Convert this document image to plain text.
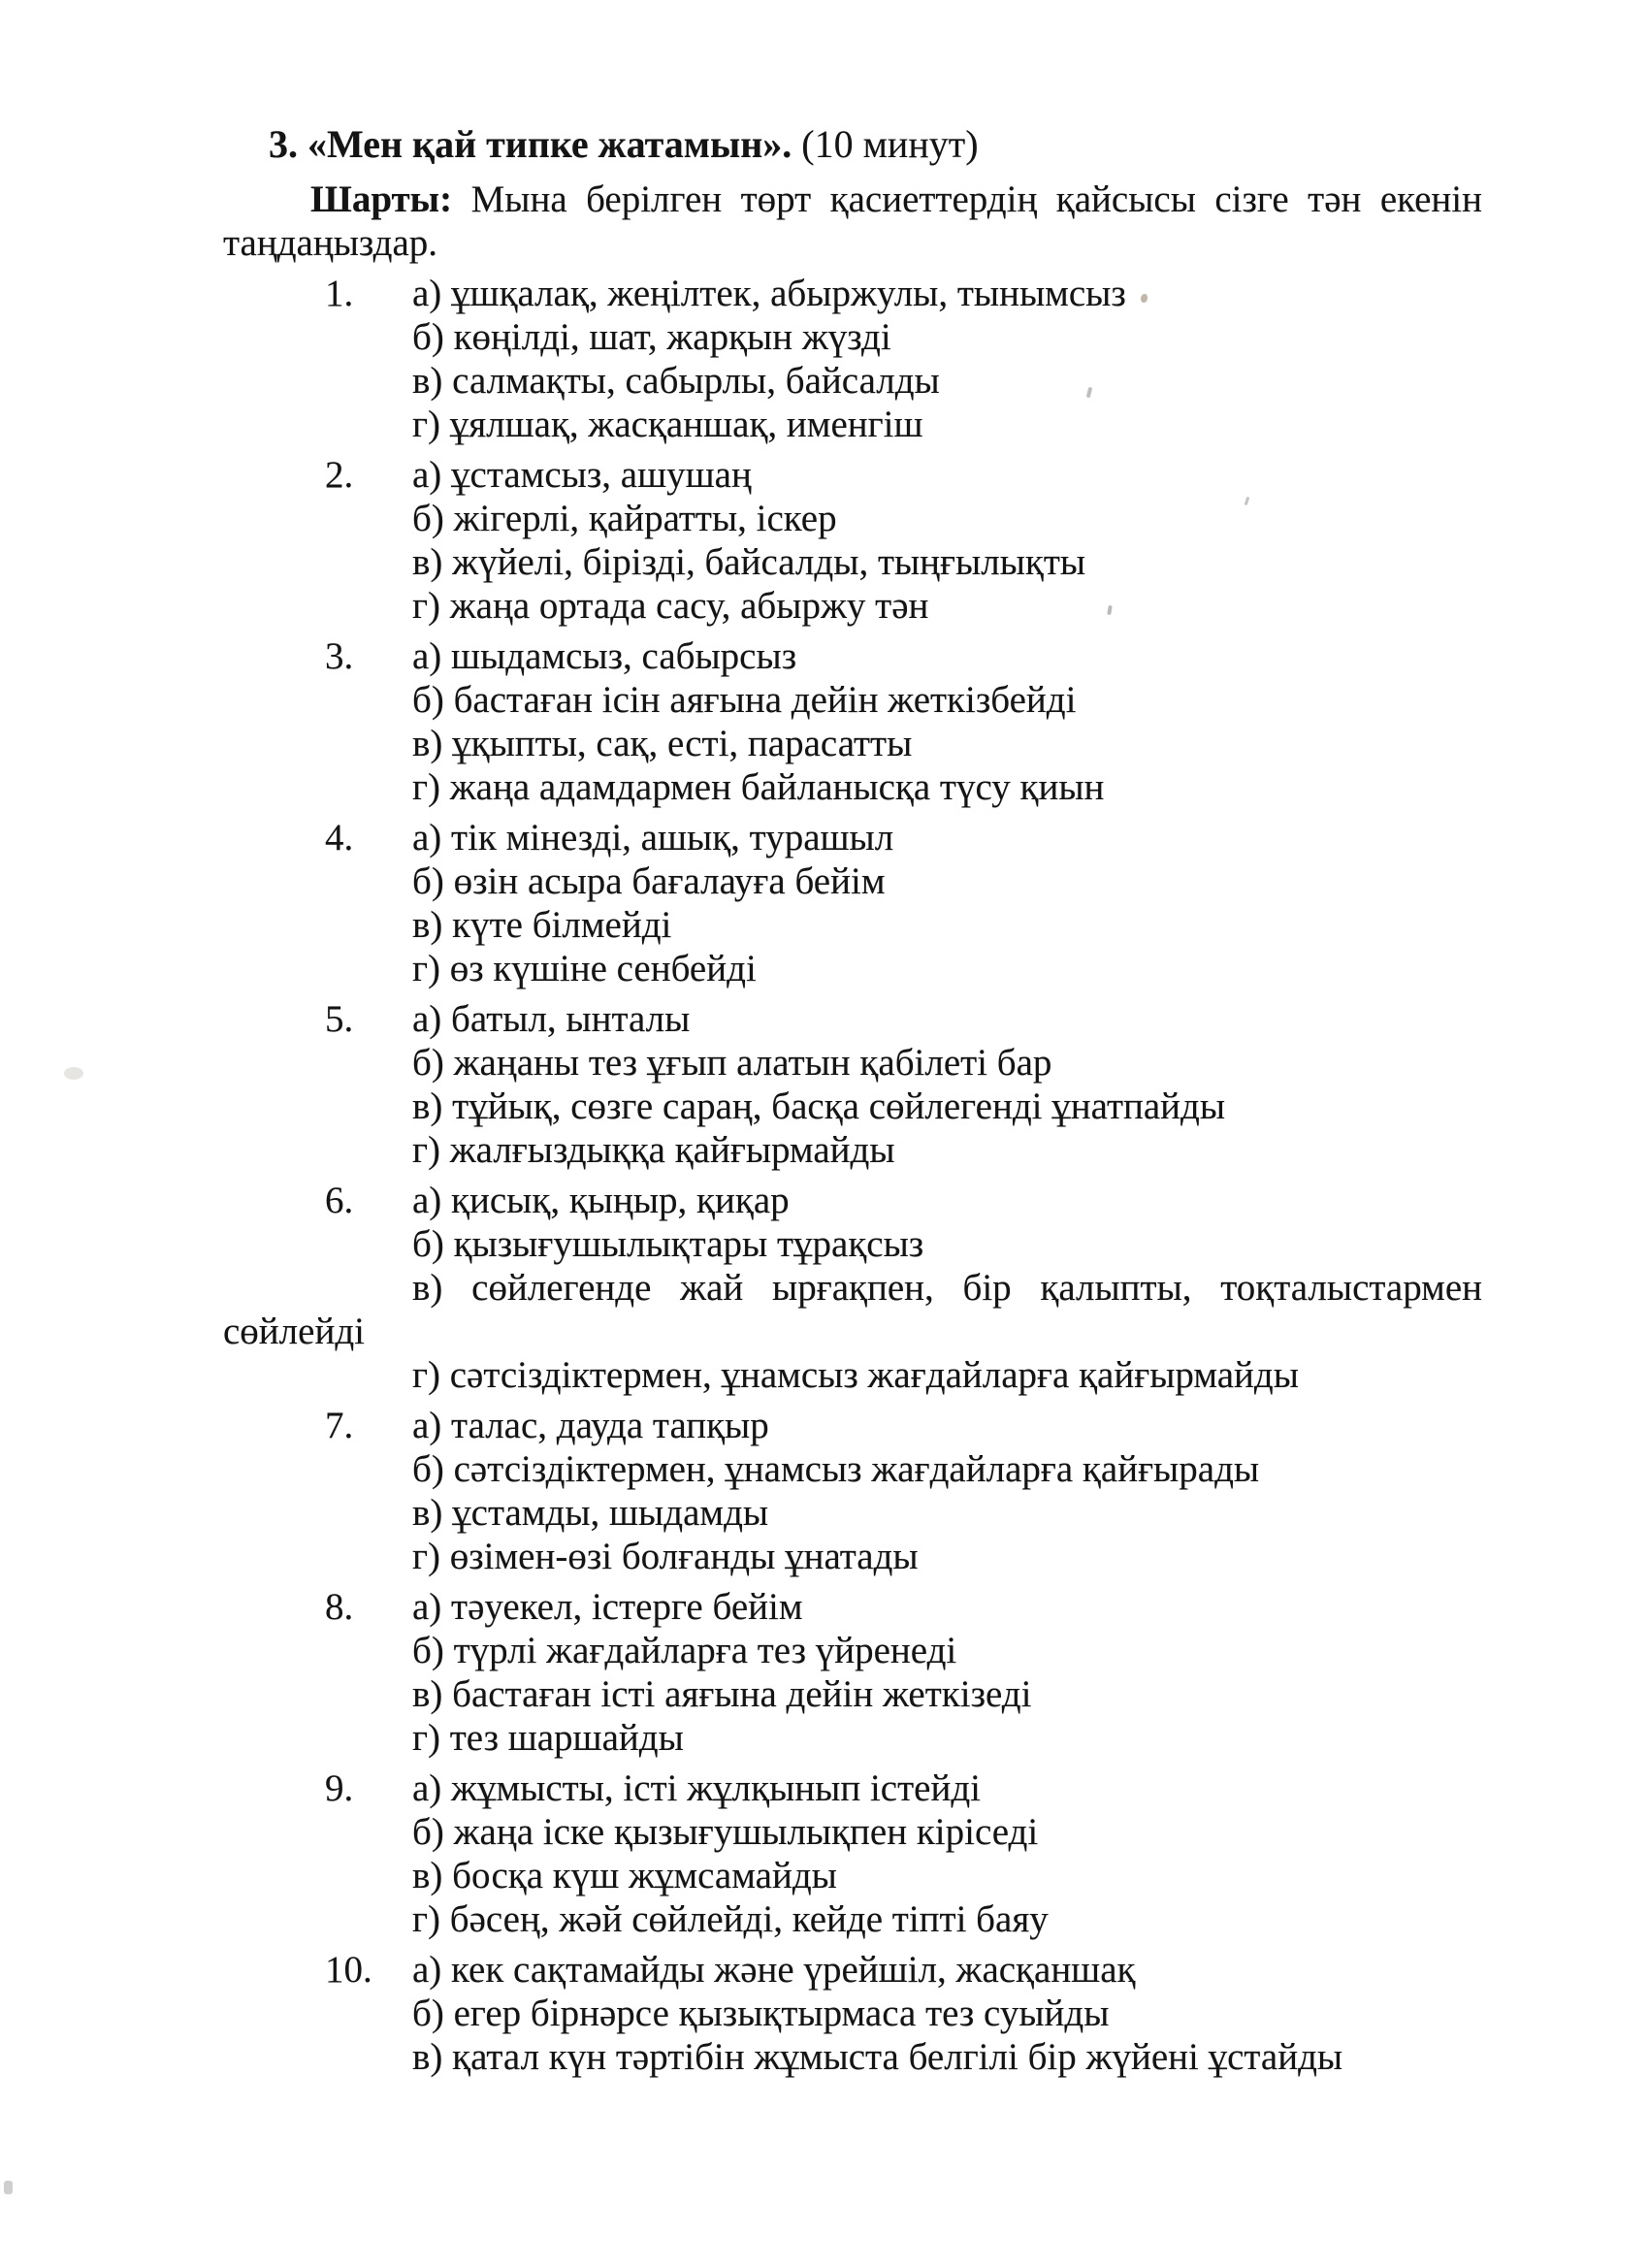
3. «Мен қай типке жатамын». (10 минут)

Шарты: Мына берілген төрт қасиеттердің қайсысы сізге тән екенін таңдаңыздар.

1.	а) ұшқалақ, жеңілтек, абыржулы, тынымсыз
б) көңілді, шат, жарқын жүзді
в) салмақты, сабырлы, байсалды
г) ұялшақ, жасқаншақ, именгіш
2.	а) ұстамсыз, ашушаң
б) жігерлі, қайратты, іскер
в) жүйелі, бірізді, байсалды, тыңғылықты
г) жаңа ортада сасу, абыржу тән
3.	а) шыдамсыз, сабырсыз
б) бастаған ісін аяғына дейін жеткізбейді
в) ұқыпты, сақ, есті, парасатты
г) жаңа адамдармен байланысқа түсу қиын
4.	а) тік мінезді, ашық, турашыл
б) өзін асыра бағалауға бейім
в) күте білмейді
г) өз күшіне сенбейді
5.	а) батыл, ынталы
б) жаңаны тез ұғып алатын қабілеті бар
в) тұйық, сөзге сараң, басқа сөйлегенді ұнатпайды
г) жалғыздыққа қайғырмайды
6.	а) қисық, қыңыр, қиқар
б) қызығушылықтары тұрақсыз
в) сөйлегенде жай ырғақпен, бір қалыпты, тоқталыстармен сөйлейді
г) сәтсіздіктермен, ұнамсыз жағдайларға қайғырмайды
7.	а) талас, дауда тапқыр
б) сәтсіздіктермен, ұнамсыз жағдайларға қайғырады
в) ұстамды, шыдамды
г) өзімен-өзі болғанды ұнатады
8.	а) тәуекел, істерге бейім
б) түрлі жағдайларға тез үйренеді
в) бастаған істі аяғына дейін жеткізеді
г) тез шаршайды
9.	а) жұмысты, істі жұлқынып істейді
б) жаңа іске қызығушылықпен кіріседі
в) босқа күш жұмсамайды
г) бәсең, жәй сөйлейді, кейде тіпті баяу
10.	а) кек сақтамайды және үрейшіл, жасқаншақ
б) егер бірнәрсе қызықтырмаса тез суыйды
в) қатал күн тәртібін жұмыста белгілі бір жүйені ұстайды
